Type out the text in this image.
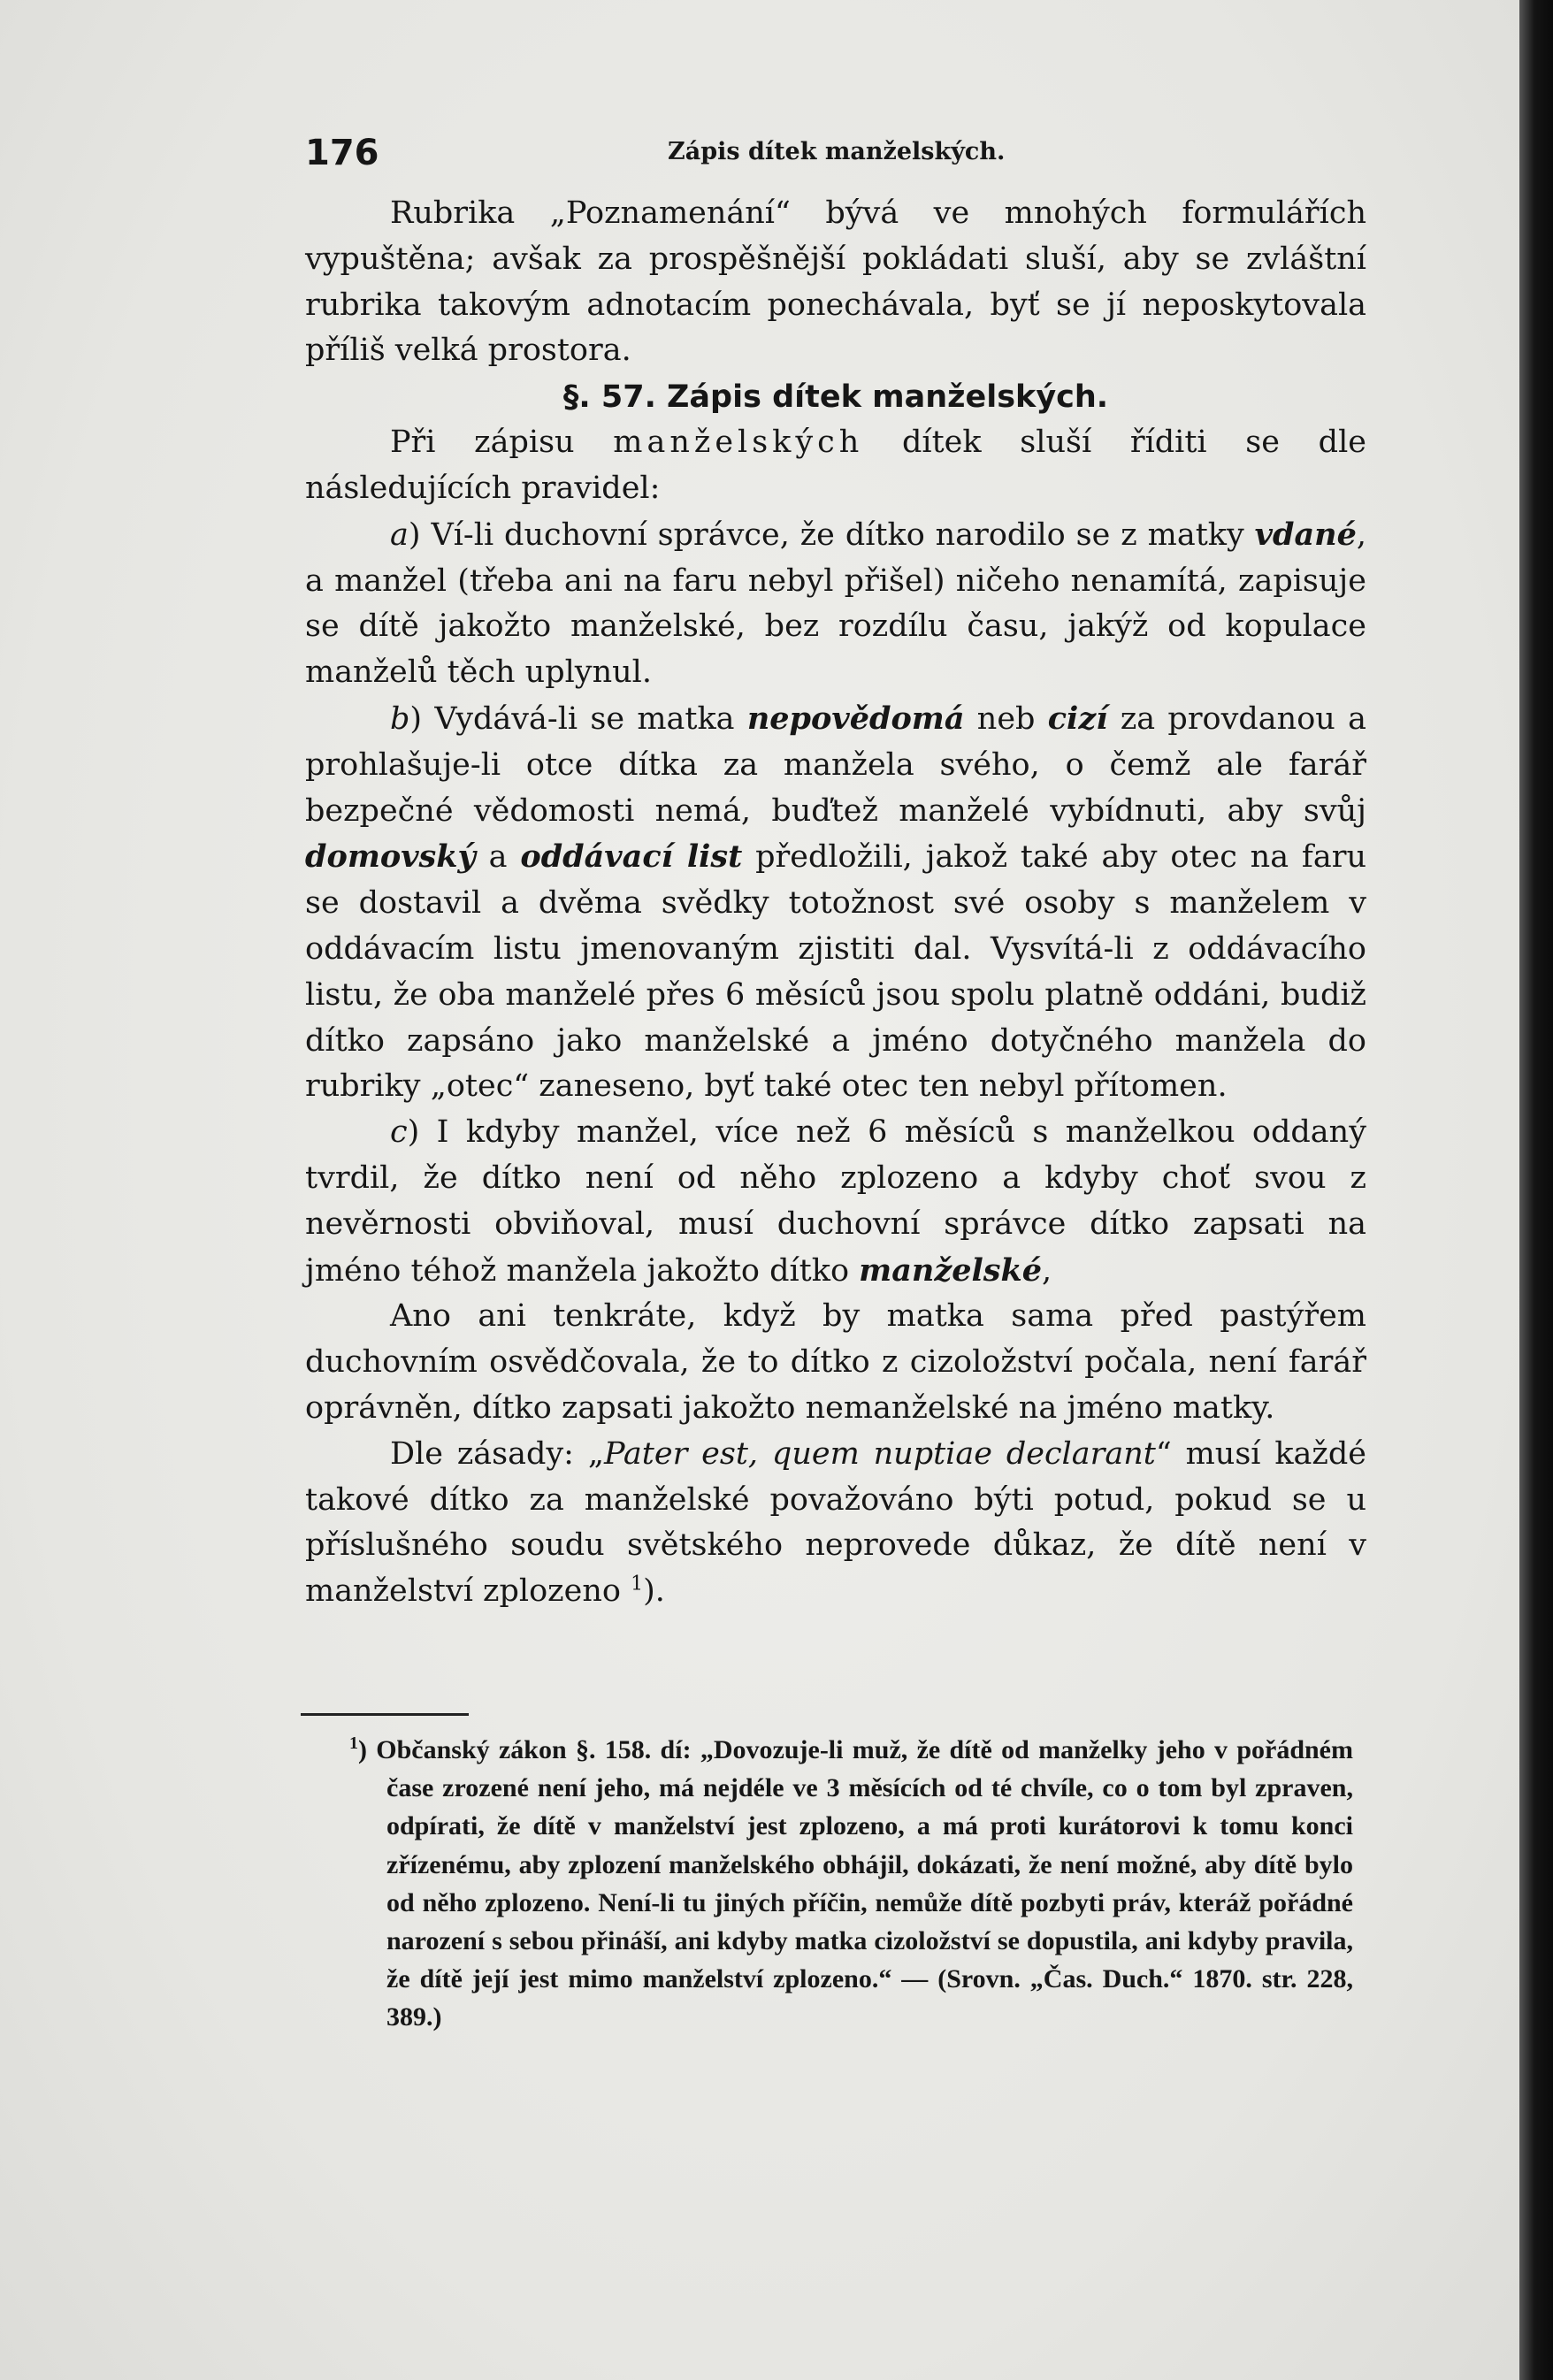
176	Zápis dítek manželských.

Rubrika „Poznamenání“ bývá ve mnohých formulářích vypuštěna; avšak za prospěšnější pokládati sluší, aby se zvláštní rubrika takovým adnotacím ponechávala, byť se jí neposkytovala příliš velká prostora.

§. 57. Zápis dítek manželských.

Při zápisu manželských dítek sluší říditi se dle následujících pravidel:

a) Ví-li duchovní správce, že dítko narodilo se z matky vdané, a manžel (třeba ani na faru nebyl přišel) ničeho nenamítá, zapisuje se dítě jakožto manželské, bez rozdílu času, jakýž od kopulace manželů těch uplynul.

b) Vydává-li se matka nepovědomá neb cizí za provdanou a prohlašuje-li otce dítka za manžela svého, o čemž ale farář bezpečné vědomosti nemá, buďtež manželé vybídnuti, aby svůj domovský a oddávací list předložili, jakož také aby otec na faru se dostavil a dvěma svědky totožnost své osoby s manželem v oddávacím listu jmenovaným zjistiti dal. Vysvítá-li z oddávacího listu, že oba manželé přes 6 měsíců jsou spolu platně oddáni, budiž dítko zapsáno jako manželské a jméno dotyčného manžela do rubriky „otec“ zaneseno, byť také otec ten nebyl přítomen.

c) I kdyby manžel, více než 6 měsíců s manželkou oddaný tvrdil, že dítko není od něho zplozeno a kdyby choť svou z nevěrnosti obviňoval, musí duchovní správce dítko zapsati na jméno téhož manžela jakožto dítko manželské,

Ano ani tenkráte, když by matka sama před pastýřem duchovním osvědčovala, že to dítko z cizoložství počala, není farář oprávněn, dítko zapsati jakožto nemanželské na jméno matky.

Dle zásady: „Pater est, quem nuptiae declarant“ musí každé takové dítko za manželské považováno býti potud, pokud se u příslušného soudu světského neprovede důkaz, že dítě není v manželství zplozeno $^1$).

$^1$) Občanský zákon §. 158. dí: „Dovozuje-li muž, že dítě od manželky jeho v pořádném čase zrozené není jeho, má nejdéle ve 3 měsících od té chvíle, co o tom byl zpraven, odpírati, že dítě v manželství jest zplozeno, a má proti kurátorovi k tomu konci zřízenému, aby zplození manželského obhájil, dokázati, že není možné, aby dítě bylo od něho zplozeno. Není-li tu jiných příčin, nemůže dítě pozbyti práv, kteráž pořádné narození s sebou přináší, ani kdyby matka cizoložství se dopustila, ani kdyby pravila, že dítě její jest mimo manželství zplozeno.“ — (Srovn. „Čas. Duch.“ 1870. str. 228, 389.)
